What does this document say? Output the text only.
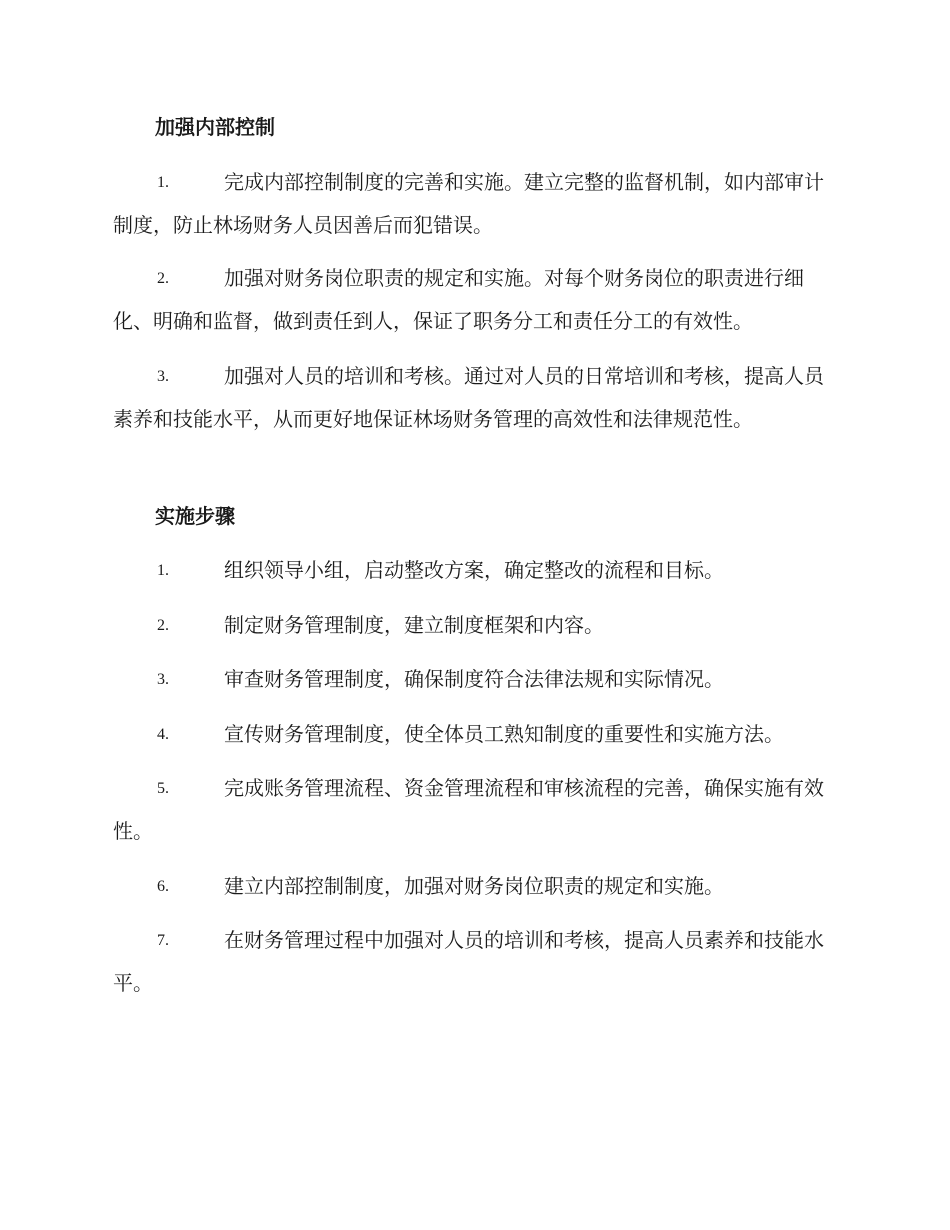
加强内部控制
1.	完成内部控制制度的完善和实施。建立完整的监督机制，如内部审计制度，防止林场财务人员因善后而犯错误。
2.	加强对财务岗位职责的规定和实施。对每个财务岗位的职责进行细化、明确和监督，做到责任到人，保证了职务分工和责任分工的有效性。
3.	加强对人员的培训和考核。通过对人员的日常培训和考核，提高人员素养和技能水平，从而更好地保证林场财务管理的高效性和法律规范性。
实施步骤
1.	组织领导小组，启动整改方案，确定整改的流程和目标。
2.	制定财务管理制度，建立制度框架和内容。
3.	审查财务管理制度，确保制度符合法律法规和实际情况。
4.	宣传财务管理制度，使全体员工熟知制度的重要性和实施方法。
5.	完成账务管理流程、资金管理流程和审核流程的完善，确保实施有效性。
6.	建立内部控制制度，加强对财务岗位职责的规定和实施。
7.	在财务管理过程中加强对人员的培训和考核，提高人员素养和技能水平。
